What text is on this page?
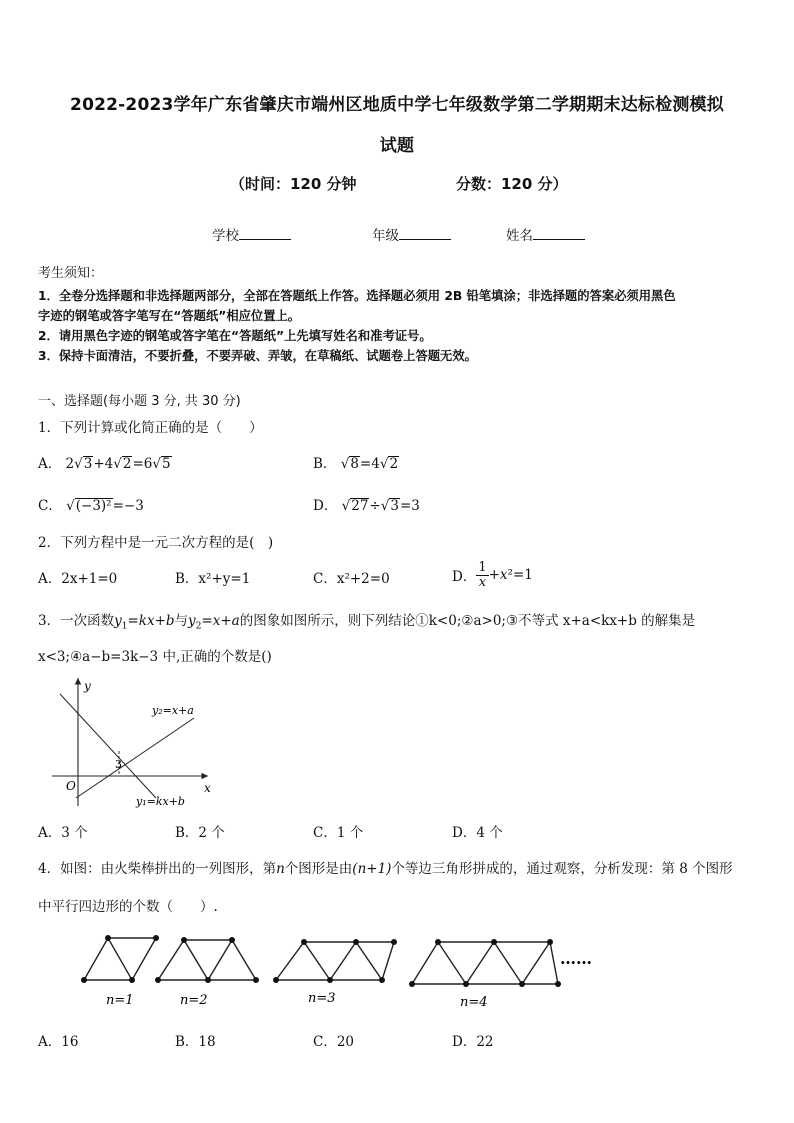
2022-2023学年广东省肇庆市端州区地质中学七年级数学第二学期期末达标检测模拟
试题
（时间：120 分钟	分数：120 分）
学校	年级	姓名
考生须知：
1．全卷分选择题和非选择题两部分，全部在答题纸上作答。选择题必须用 2B 铅笔填涂；非选择题的答案必须用黑色
字迹的钢笔或答字笔写在“答题纸”相应位置上。
2．请用黑色字迹的钢笔或答字笔在“答题纸”上先填写姓名和准考证号。
3．保持卡面清洁，不要折叠，不要弄破、弄皱，在草稿纸、试题卷上答题无效。
一、选择题(每小题 3 分, 共 30 分)
1．下列计算或化简正确的是（　　）
A． 2√3+4√2=6√5	B． √8=4√2
C． √(−3)²=−3	D． √27÷√3=3
2．下列方程中是一元二次方程的是(　)
A．2x+1=0	B．x²+y=1	C．x²+2=0	D． $\frac{1}{x} +x^2=1$
3．一次函数$y_1=kx+b$与$y_2=x+a$的图象如图所示，则下列结论①k<0;②a>0;③不等式 x+a<kx+b 的解集是
x<3;④a−b=3k−3 中,正确的个数是()
y
x
O
3
y₂=x+a
y₁=kx+b
A．3 个	B．2 个	C．1 个	D．4 个
4．如图：由火柴棒拼出的一列图形，第n个图形是由(n+1)个等边三角形拼成的，通过观察，分析发现：第 8 个图形
中平行四边形的个数（　　）.
……
n=1	n=2	n=3	n=4
A．16	B．18	C．20	D．22
